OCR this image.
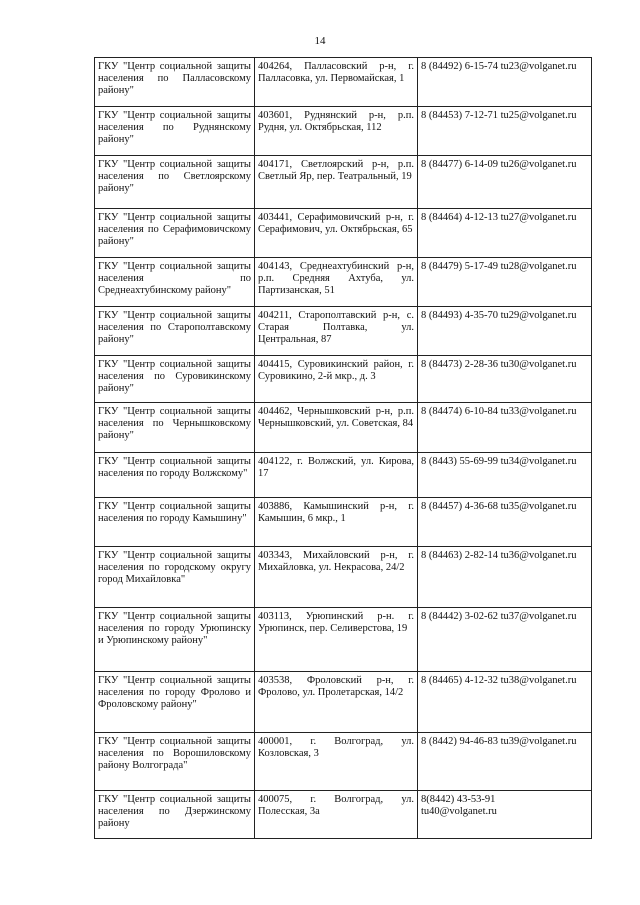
14
ГКУ "Центр социальной защиты населения по Палласовскому району"	404264, Палласовский р-н, г. Палласовка, ул. Первомайская, 1	8 (84492) 6-15-74 tu23@volganet.ru

ГКУ "Центр социальной защиты населения по Руднянскому району"	403601, Руднянский р-н, р.п. Рудня, ул. Октябрьская, 112	8 (84453) 7-12-71 tu25@volganet.ru

ГКУ "Центр социальной защиты населения по Светлоярскому району"	404171, Светлоярский р-н, р.п. Светлый Яр, пер. Театральный, 19	8 (84477) 6-14-09 tu26@volganet.ru

ГКУ "Центр социальной защиты населения по Серафимовичскому району"	403441, Серафимовичский р-н, г. Серафимович, ул. Октябрьская, 65	8 (84464) 4-12-13 tu27@volganet.ru

ГКУ "Центр социальной защиты населения по Среднеахтубинскому району"	404143, Среднеахтубинский р-н, р.п. Средняя Ахтуба, ул. Партизанская, 51	8 (84479) 5-17-49 tu28@volganet.ru

ГКУ "Центр социальной защиты населения по Старополтавскому району"	404211, Старополтавский р-н, с. Старая Полтавка, ул. Центральная, 87	8 (84493) 4-35-70 tu29@volganet.ru

ГКУ "Центр социальной защиты населения по Суровикинскому району"	404415, Суровикинский район, г. Суровикино, 2-й мкр., д. 3	8 (84473) 2-28-36 tu30@volganet.ru

ГКУ "Центр социальной защиты населения по Чернышковскому району"	404462, Чернышковский р-н, р.п. Чернышковский, ул. Советская, 84	8 (84474) 6-10-84 tu33@volganet.ru

ГКУ "Центр социальной защиты населения по городу Волжскому"	404122, г. Волжский, ул. Кирова, 17	8 (8443) 55-69-99 tu34@volganet.ru

ГКУ "Центр социальной защиты населения по городу Камышину"	403886, Камышинский р-н, г. Камышин, 6 мкр., 1	8 (84457) 4-36-68 tu35@volganet.ru

ГКУ "Центр социальной защиты населения по городскому округу город Михайловка"	403343, Михайловский р-н, г. Михайловка, ул. Некрасова, 24/2	8 (84463) 2-82-14 tu36@volganet.ru

ГКУ "Центр социальной защиты населения по городу Урюпинску и Урюпинскому району"	403113, Урюпинский р-н. г. Урюпинск, пер. Селиверстова, 19	8 (84442) 3-02-62 tu37@volganet.ru

ГКУ "Центр социальной защиты населения по городу Фролово и Фроловскому району"	403538, Фроловский р-н, г. Фролово, ул. Пролетарская, 14/2	8 (84465) 4-12-32 tu38@volganet.ru

ГКУ "Центр социальной защиты населения по Ворошиловскому району Волгограда"	400001, г. Волгоград, ул. Козловская, 3	8 (8442) 94-46-83 tu39@volganet.ru

ГКУ "Центр социальной защиты населения по Дзержинскому району	400075, г. Волгоград, ул. Полесская, 3а	8(8442) 43-53-91
tu40@volganet.ru
